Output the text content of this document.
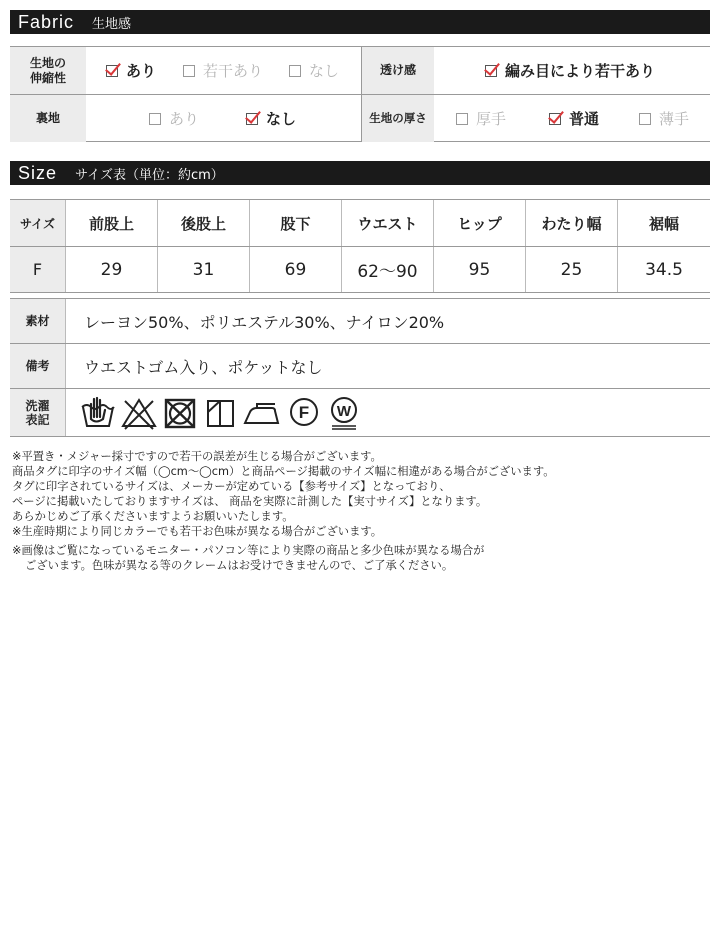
Fabric 生地感
生地の
伸縮性	あり	若干あり	なし	透け感	編み目により若干あり
裏地	あり	なし	生地の厚さ	厚手	普通	薄手
Size サイズ表（単位：約cm）
サイズ	前股上	後股上	股下	ウエスト	ヒップ	わたり幅	裾幅
F	29	31	69	62〜90	95	25	34.5
素材	レーヨン50%、ポリエステル30%、ナイロン20%
備考	ウエストゴム入り、ポケットなし
洗濯
表記	F W

※平置き・メジャー採寸ですので若干の誤差が生じる場合がございます。

商品タグに印字のサイズ幅（◯cm〜◯cm）と商品ページ掲載のサイズ幅に相違がある場合がございます。

タグに印字されているサイズは、メーカーが定めている【参考サイズ】となっており、

ページに掲載いたしておりますサイズは、 商品を実際に計測した【実寸サイズ】となります。

あらかじめご了承くださいますようお願いいたします。

※生産時期により同じカラーでも若干お色味が異なる場合がございます。

※画像はご覧になっているモニター・パソコン等により実際の商品と多少色味が異なる場合が

ございます。色味が異なる等のクレームはお受けできませんので、ご了承ください。
